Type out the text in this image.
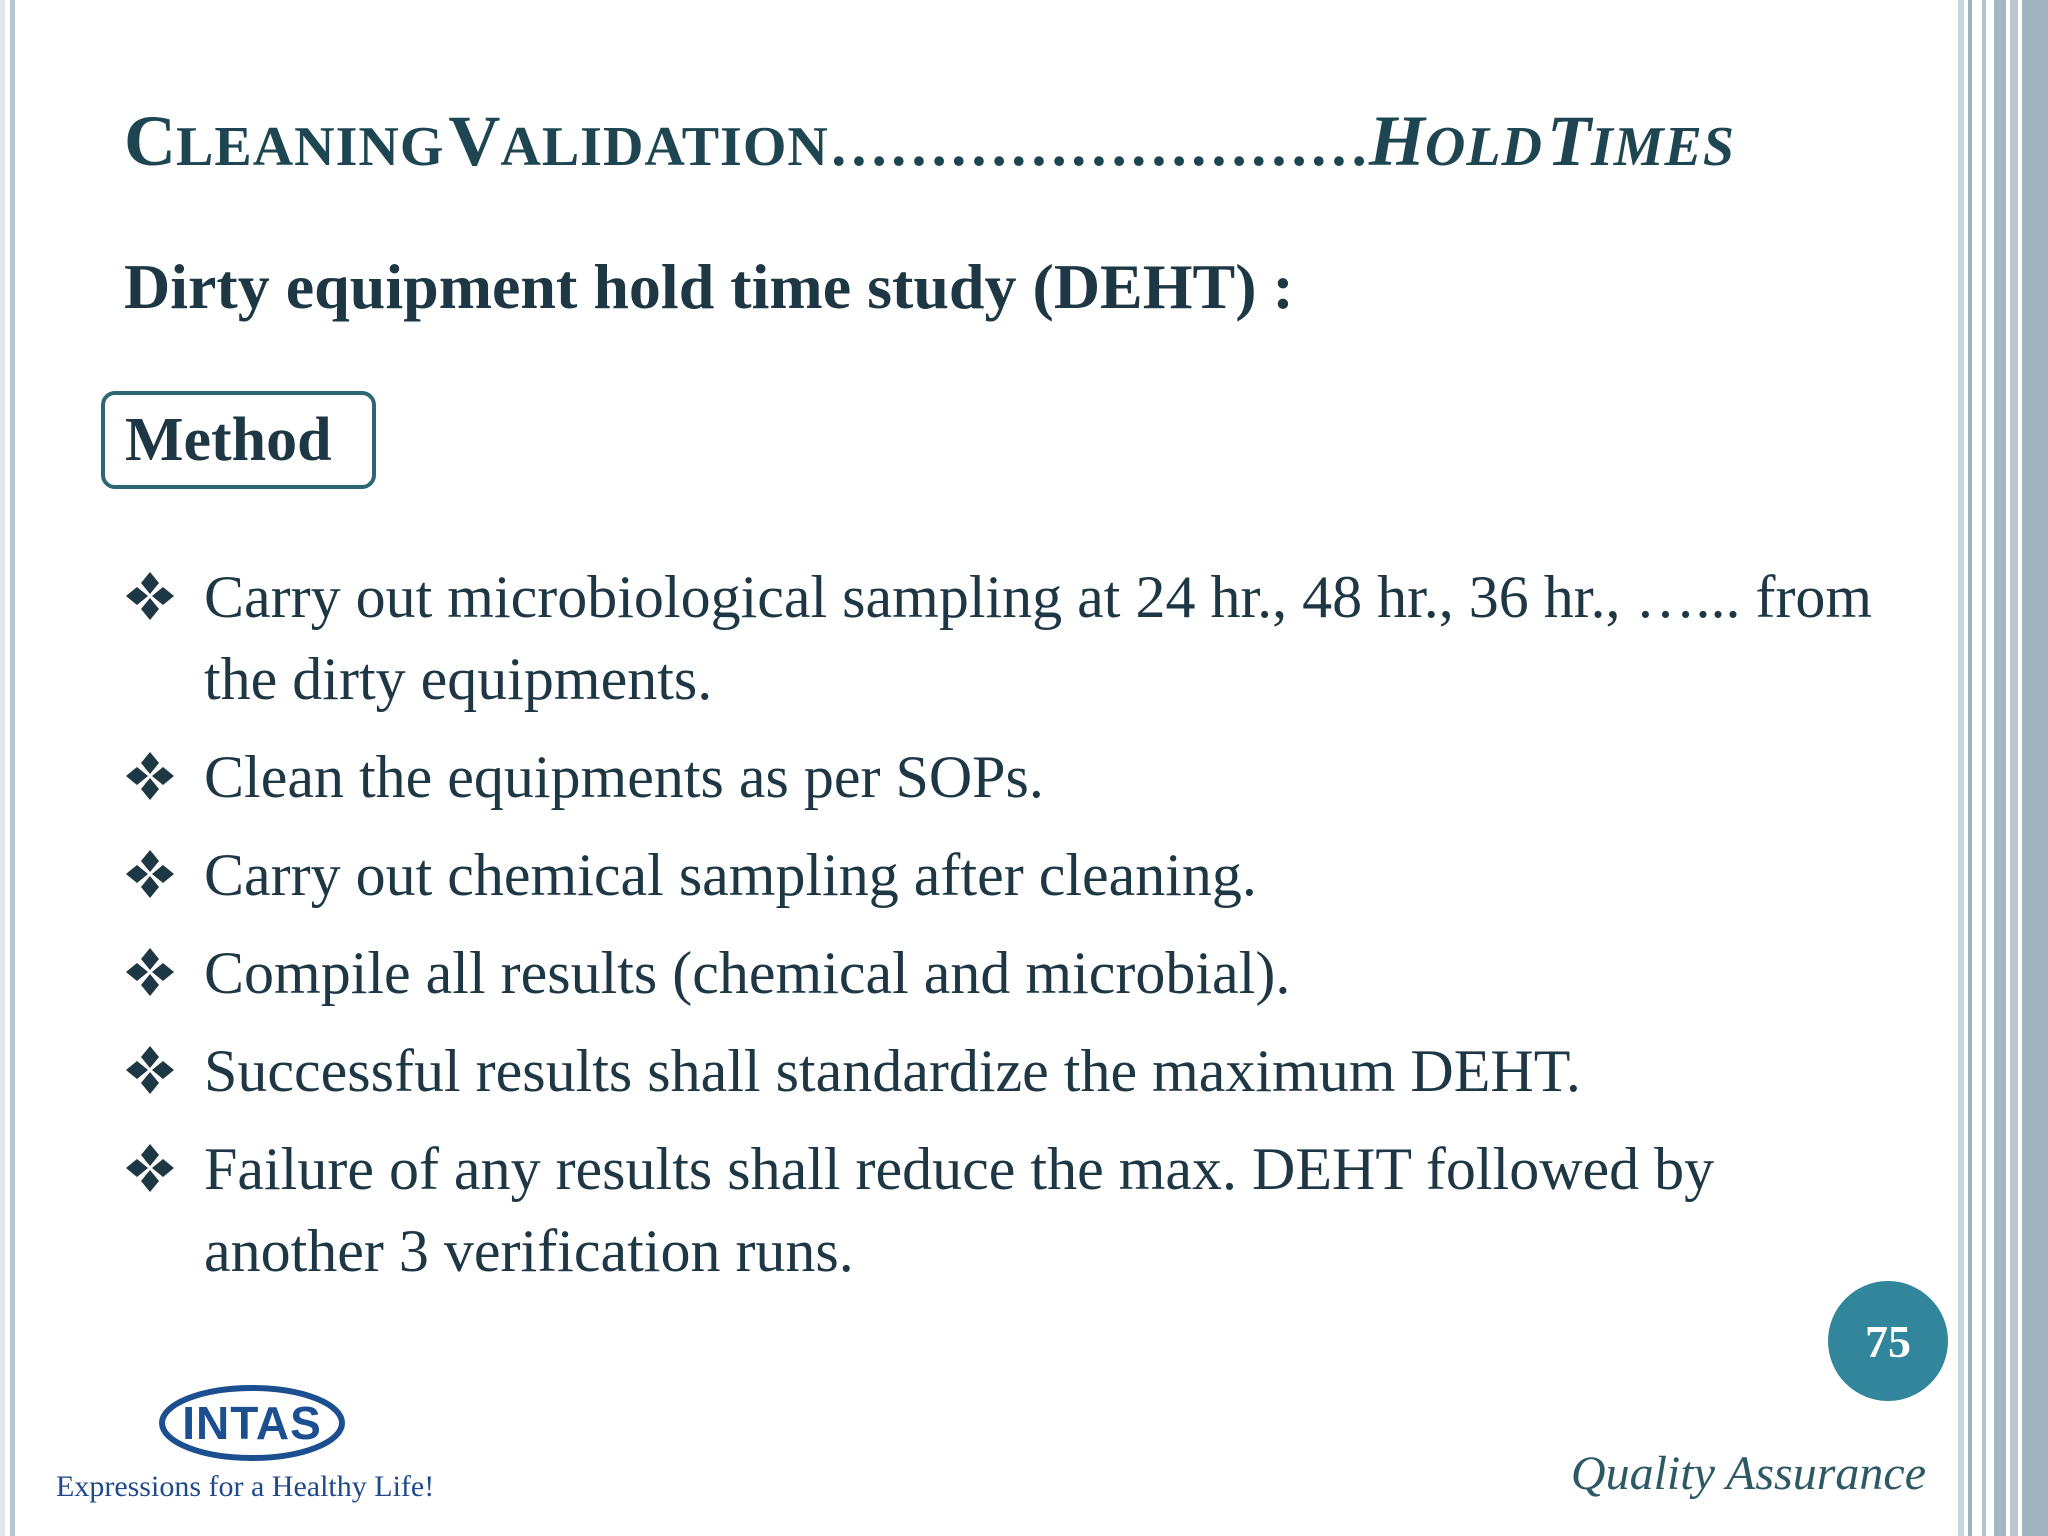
CLEANING VALIDATION………………………HOLD TIMES
Dirty equipment hold time study (DEHT) :
Method
Carry out microbiological sampling at 24 hr., 48 hr., 36 hr., …... from the dirty equipments.
Clean the equipments as per SOPs.
Carry out chemical sampling after cleaning.
Compile all results (chemical and microbial).
Successful results shall standardize the maximum DEHT.
Failure of any results shall reduce the max. DEHT followed by another 3 verification runs.
75
INTAS
Expressions for a Healthy Life!	Quality Assurance
